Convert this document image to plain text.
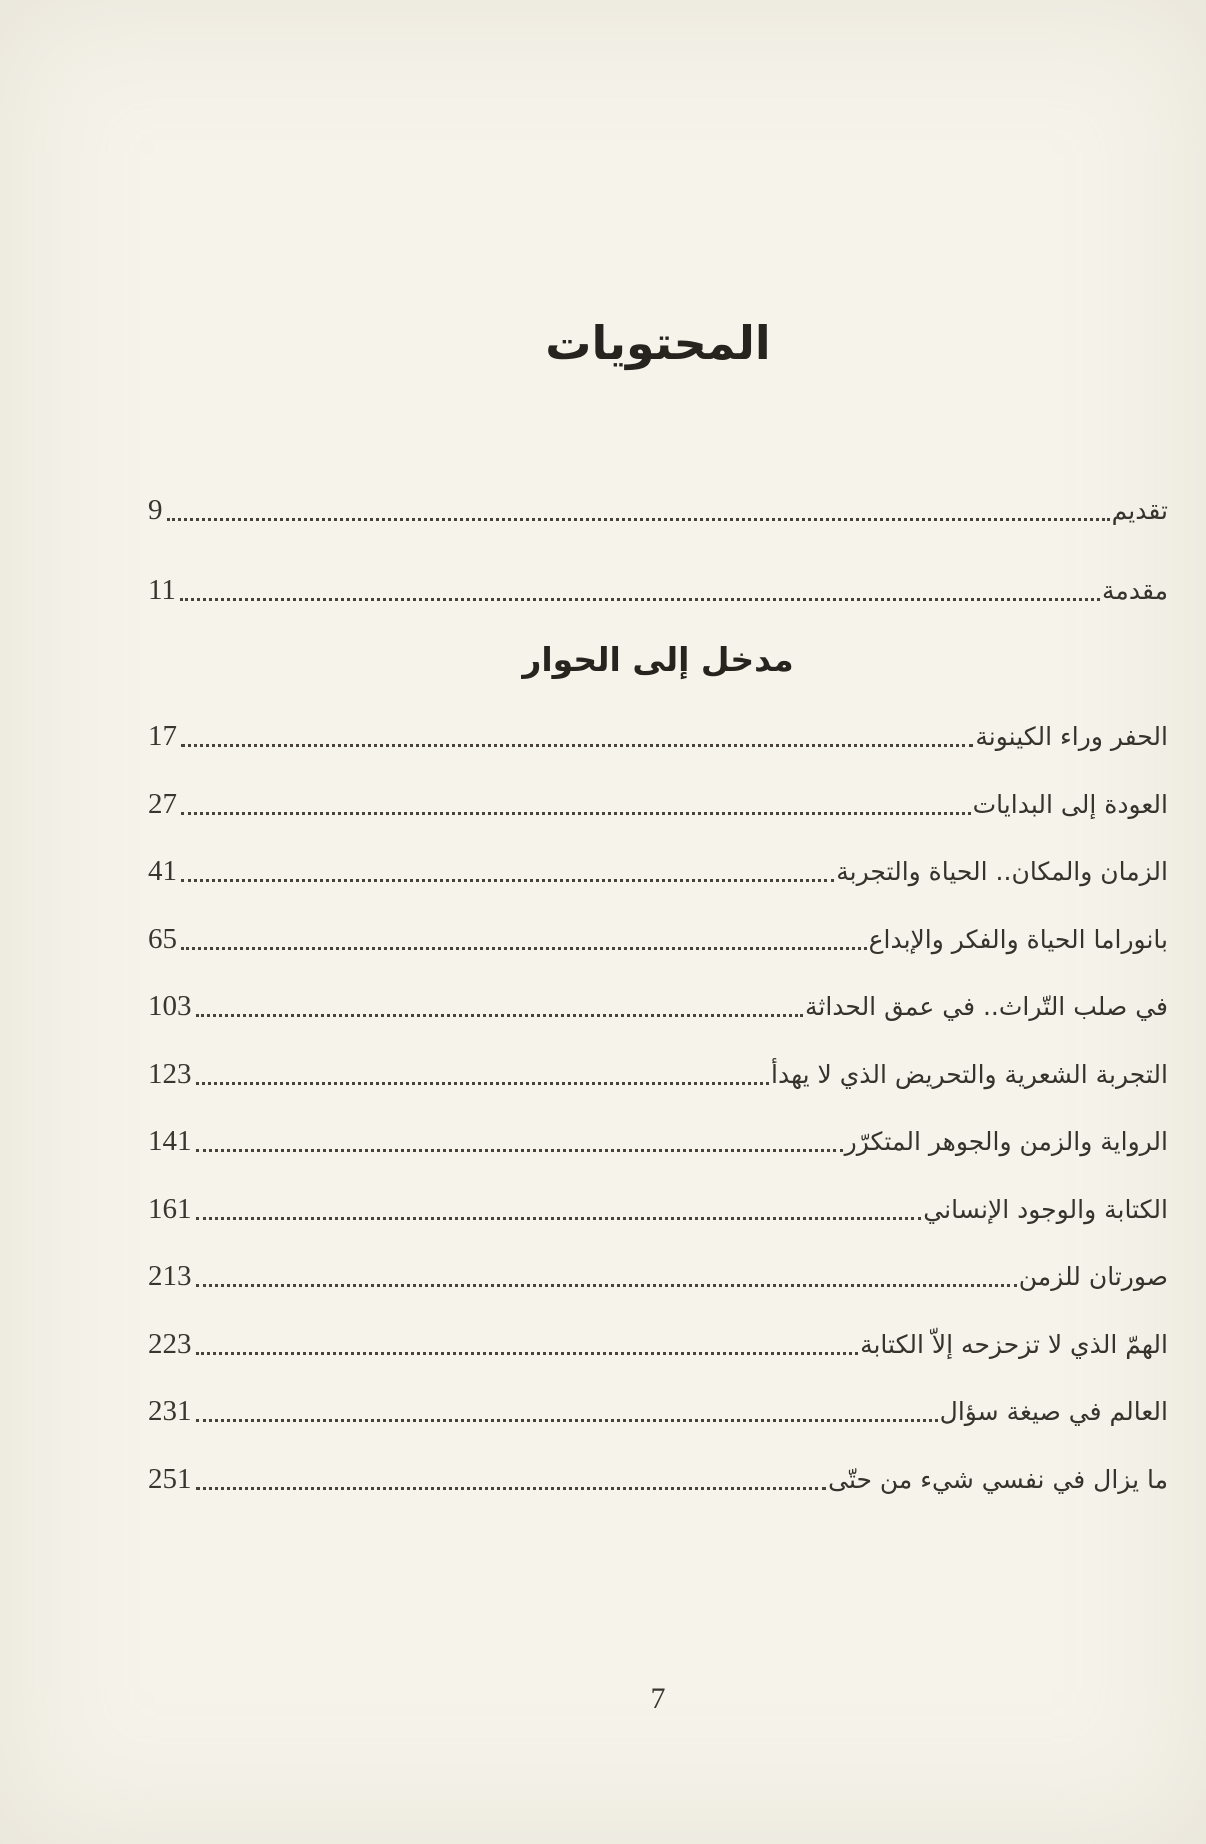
المحتويات
تقديم
9
مقدمة
11
مدخل إلى الحوار
الحفر وراء الكينونة
17
العودة إلى البدايات
27
الزمان والمكان.. الحياة والتجربة
41
بانوراما الحياة والفكر والإبداع
65
في صلب التّراث.. في عمق الحداثة
103
التجربة الشعرية والتحريض الذي لا يهدأ
123
الرواية والزمن والجوهر المتكرّر
141
الكتابة والوجود الإنساني
161
صورتان للزمن
213
الهمّ الذي لا تزحزحه إلاّ الكتابة
223
العالم في صيغة سؤال
231
ما يزال في نفسي شيء من حتّى
251
7
